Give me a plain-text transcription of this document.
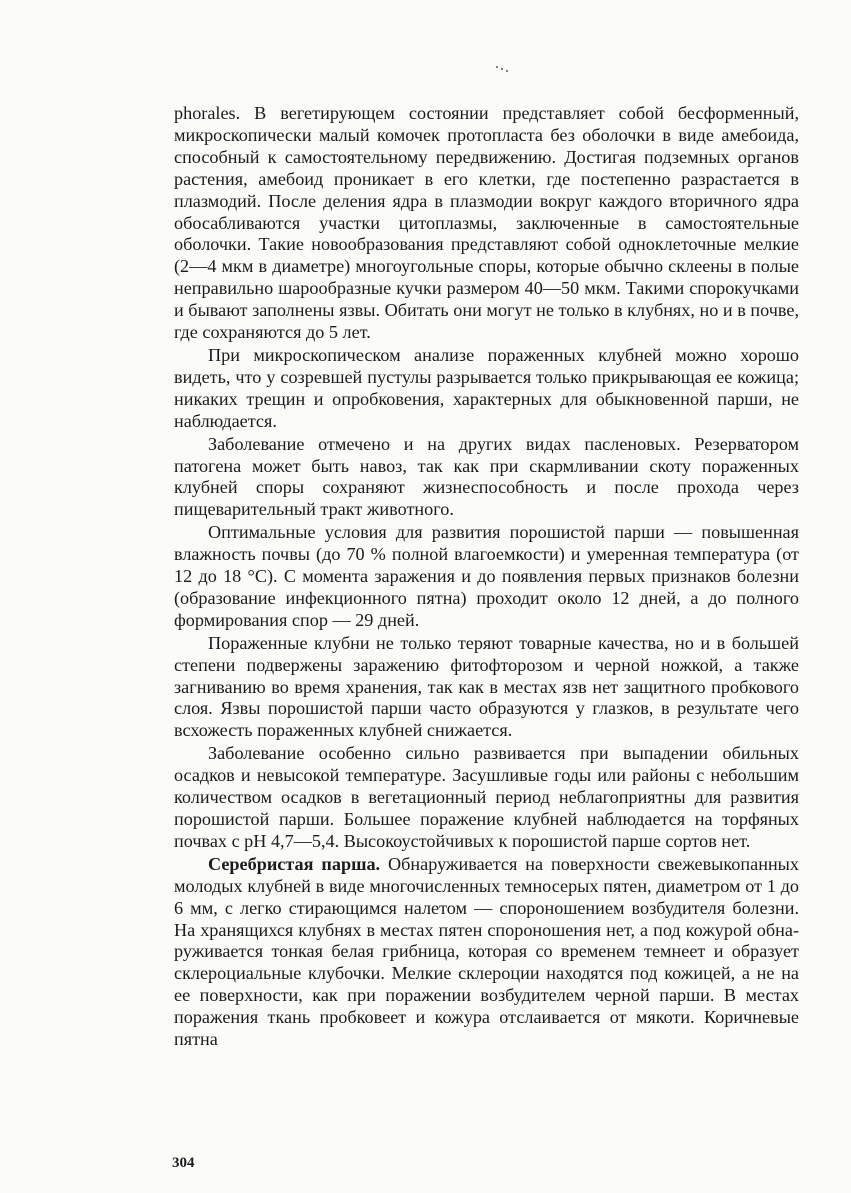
phorales. В вегетирующем состоянии представляет собой бесформенный, микроскопически малый комочек протопласта без оболочки в виде амебоида, способный к самостоятельному передвижению. Достигая подземных органов растения, амебоид проникает в его клетки, где постепенно разрастается в плазмодий. После деления ядра в плазмодии вокруг каждого вторичного ядра обосабливаются участки цитоплазмы, заключенные в самостоятельные оболочки. Такие новообразования представляют собой одноклеточные мелкие (2—4 мкм в диаметре) многоугольные споры, которые обычно склеены в полые неправильно шарообразные кучки размером 40—50 мкм. Такими спорокучками и бывают заполнены язвы. Обитать они могут не только в клубнях, но и в почве, где сохраняются до 5 лет.

При микроскопическом анализе пораженных клубней можно хорошо видеть, что у созревшей пустулы разрывается только прикрывающая ее кожица; никаких трещин и опробковения, характерных для обыкновенной парши, не наблюдается.

Заболевание отмечено и на других видах пасленовых. Резерватором патогена может быть навоз, так как при скармливании скоту пораженных клубней споры сохраняют жизнеспособность и после прохода через пищеварительный тракт животного.

Оптимальные условия для развития порошистой парши — повышенная влажность почвы (до 70 % полной влагоемкости) и умеренная температура (от 12 до 18 °С). С момента заражения и до появления первых признаков болезни (образование инфекционного пятна) проходит около 12 дней, а до полного формирования спор — 29 дней.

Пораженные клубни не только теряют товарные качества, но и в большей степени подвержены заражению фитофторозом и черной ножкой, а также загниванию во время хранения, так как в местах язв нет защитного пробкового слоя. Язвы порошистой парши часто образуются у глазков, в результате чего всхожесть пораженных клубней снижается.

Заболевание особенно сильно развивается при выпадении обильных осадков и невысокой температуре. Засушливые годы или районы с небольшим количеством осадков в вегетационный период неблагоприятны для развития порошистой парши. Большее поражение клубней наблюдается на торфяных почвах с pH 4,7—5,4. Высокоустойчивых к порошистой парше сортов нет.

Серебристая парша. Обнаруживается на поверхности свежевыкопанных молодых клубней в виде многочисленных темносерых пятен, диаметром от 1 до 6 мм, с легко стирающимся налетом — спороношением возбудителя болезни. На хранящихся клубнях в местах пятен спороношения нет, а под кожурой обнаруживается тонкая белая грибница, которая со временем темнеет и образует склероциальные клубочки. Мелкие склероции находятся под кожицей, а не на ее поверхности, как при поражении возбудителем черной парши. В местах поражения ткань пробковеет и кожура отслаивается от мякоти. Коричневые пятна

304
